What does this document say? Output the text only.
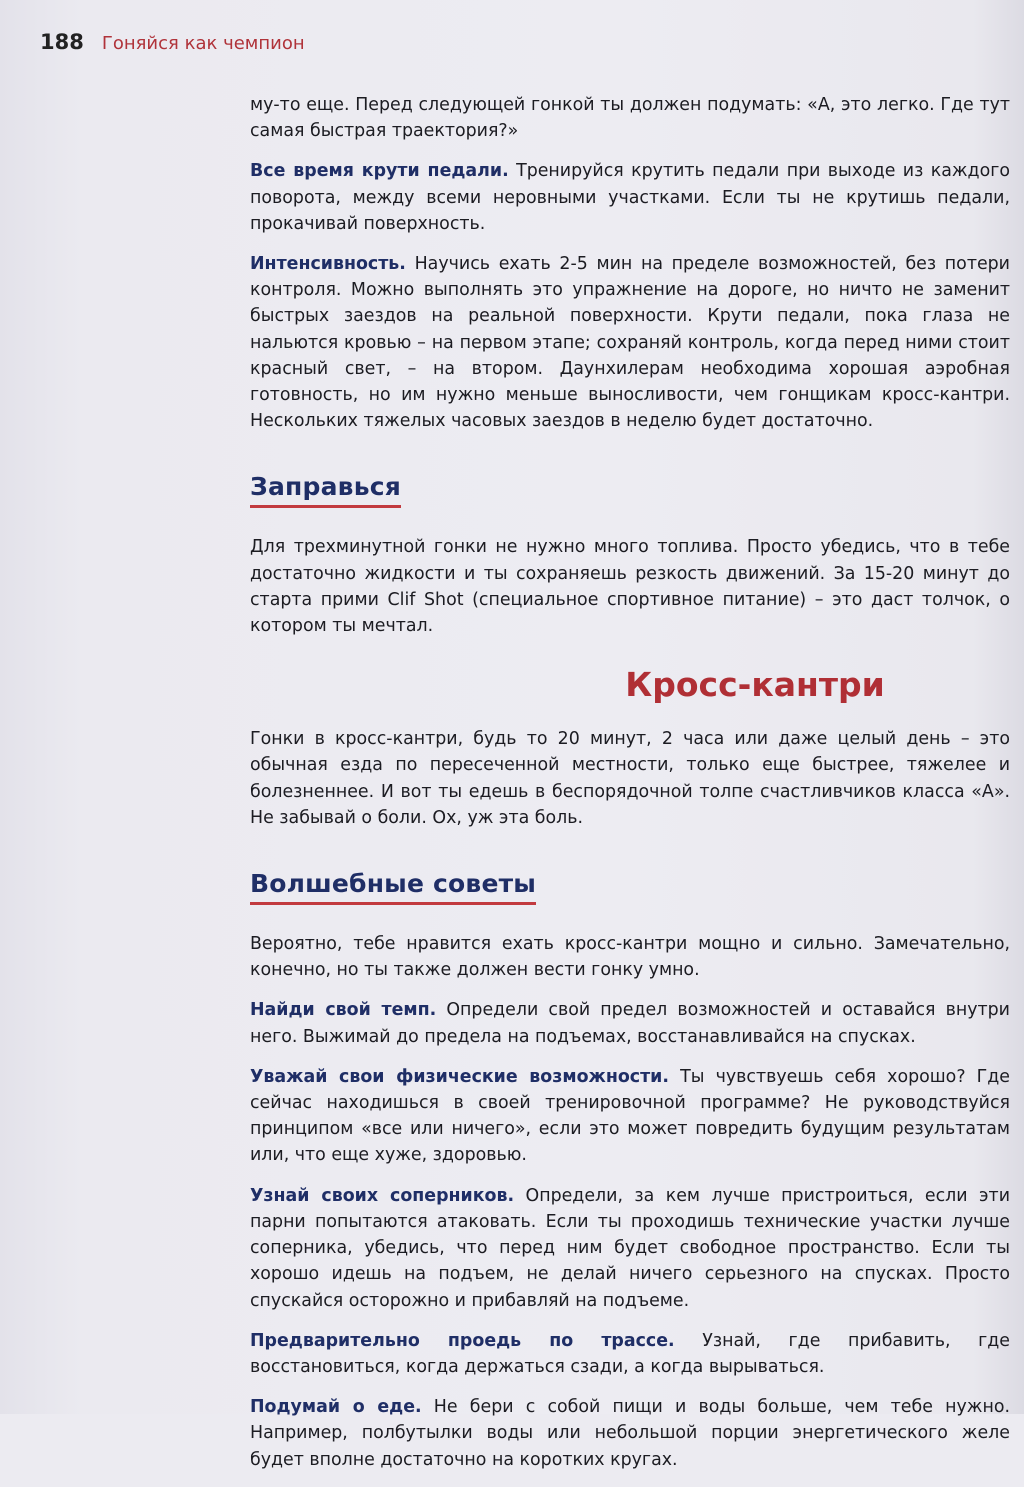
188 Гоняйся как чемпион

му-то еще. Перед следующей гонкой ты должен подумать: «А, это легко. Где тут самая быстрая траектория?»

Все время крути педали. Тренируйся крутить педали при выходе из каждого поворота, между всеми неровными участками. Если ты не крутишь педали, прокачивай поверхность.

Интенсивность. Научись ехать 2-5 мин на пределе возможностей, без потери контроля. Можно выполнять это упражнение на дороге, но ничто не заменит быстрых заездов на реальной поверхности. Крути педали, пока глаза не нальются кровью – на первом этапе; сохраняй контроль, когда перед ними стоит красный свет, – на втором. Даунхилерам необходима хорошая аэробная готовность, но им нужно меньше выносливости, чем гонщикам кросс-кантри. Нескольких тяжелых часовых заездов в неделю будет достаточно.

Заправься

Для трехминутной гонки не нужно много топлива. Просто убедись, что в тебе достаточно жидкости и ты сохраняешь резкость движений. За 15-20 минут до старта прими Clif Shot (специальное спортивное питание) – это даст толчок, о котором ты мечтал.

Кросс-кантри

Гонки в кросс-кантри, будь то 20 минут, 2 часа или даже целый день – это обычная езда по пересеченной местности, только еще быстрее, тяжелее и болезненнее. И вот ты едешь в беспорядочной толпе счастливчиков класса «А». Не забывай о боли. Ох, уж эта боль.

Волшебные советы

Вероятно, тебе нравится ехать кросс-кантри мощно и сильно. Замечательно, конечно, но ты также должен вести гонку умно.

Найди свой темп. Определи свой предел возможностей и оставайся внутри него. Выжимай до предела на подъемах, восстанавливайся на спусках.

Уважай свои физические возможности. Ты чувствуешь себя хорошо? Где сейчас находишься в своей тренировочной программе? Не руководствуйся принципом «все или ничего», если это может повредить будущим результатам или, что еще хуже, здоровью.

Узнай своих соперников. Определи, за кем лучше пристроиться, если эти парни попытаются атаковать. Если ты проходишь технические участки лучше соперника, убедись, что перед ним будет свободное пространство. Если ты хорошо идешь на подъем, не делай ничего серьезного на спусках. Просто спускайся осторожно и прибавляй на подъеме.

Предварительно проедь по трассе. Узнай, где прибавить, где восстановиться, когда держаться сзади, а когда вырываться.

Подумай о еде. Не бери с собой пищи и воды больше, чем тебе нужно. Например, полбутылки воды или небольшой порции энергетического желе будет вполне достаточно на коротких кругах.
